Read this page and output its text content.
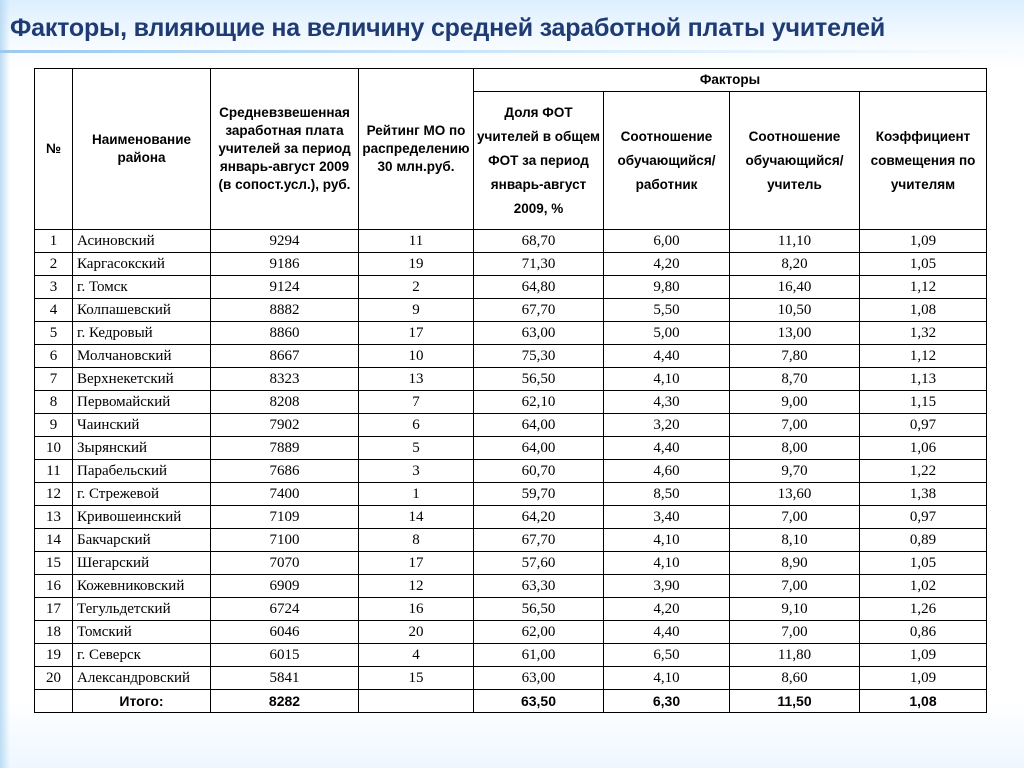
Факторы, влияющие на величину средней заработной платы учителей
№	Наименование района	Средневзвешенная заработная плата учителей за период январь-август 2009 (в сопост.усл.), руб.	Рейтинг МО по распределению 30 млн.руб.	Факторы			
				Доля ФОТ учителей в общем ФОТ за период январь-август 2009, %	Соотношение обучающийся/ работник	Соотношение обучающийся/ учитель	Коэффициент совмещения по учителям
1	Асиновский	9294	11	68,70	6,00	11,10	1,09
2	Каргасокский	9186	19	71,30	4,20	8,20	1,05
3	г. Томск	9124	2	64,80	9,80	16,40	1,12
4	Колпашевский	8882	9	67,70	5,50	10,50	1,08
5	г. Кедровый	8860	17	63,00	5,00	13,00	1,32
6	Молчановский	8667	10	75,30	4,40	7,80	1,12
7	Верхнекетский	8323	13	56,50	4,10	8,70	1,13
8	Первомайский	8208	7	62,10	4,30	9,00	1,15
9	Чаинский	7902	6	64,00	3,20	7,00	0,97
10	Зырянский	7889	5	64,00	4,40	8,00	1,06
11	Парабельский	7686	3	60,70	4,60	9,70	1,22
12	г. Стрежевой	7400	1	59,70	8,50	13,60	1,38
13	Кривошеинский	7109	14	64,20	3,40	7,00	0,97
14	Бакчарский	7100	8	67,70	4,10	8,10	0,89
15	Шегарский	7070	17	57,60	4,10	8,90	1,05
16	Кожевниковский	6909	12	63,30	3,90	7,00	1,02
17	Тегульдетский	6724	16	56,50	4,20	9,10	1,26
18	Томский	6046	20	62,00	4,40	7,00	0,86
19	г. Северск	6015	4	61,00	6,50	11,80	1,09
20	Александровский	5841	15	63,00	4,10	8,60	1,09
	Итого:	8282		63,50	6,30	11,50	1,08
